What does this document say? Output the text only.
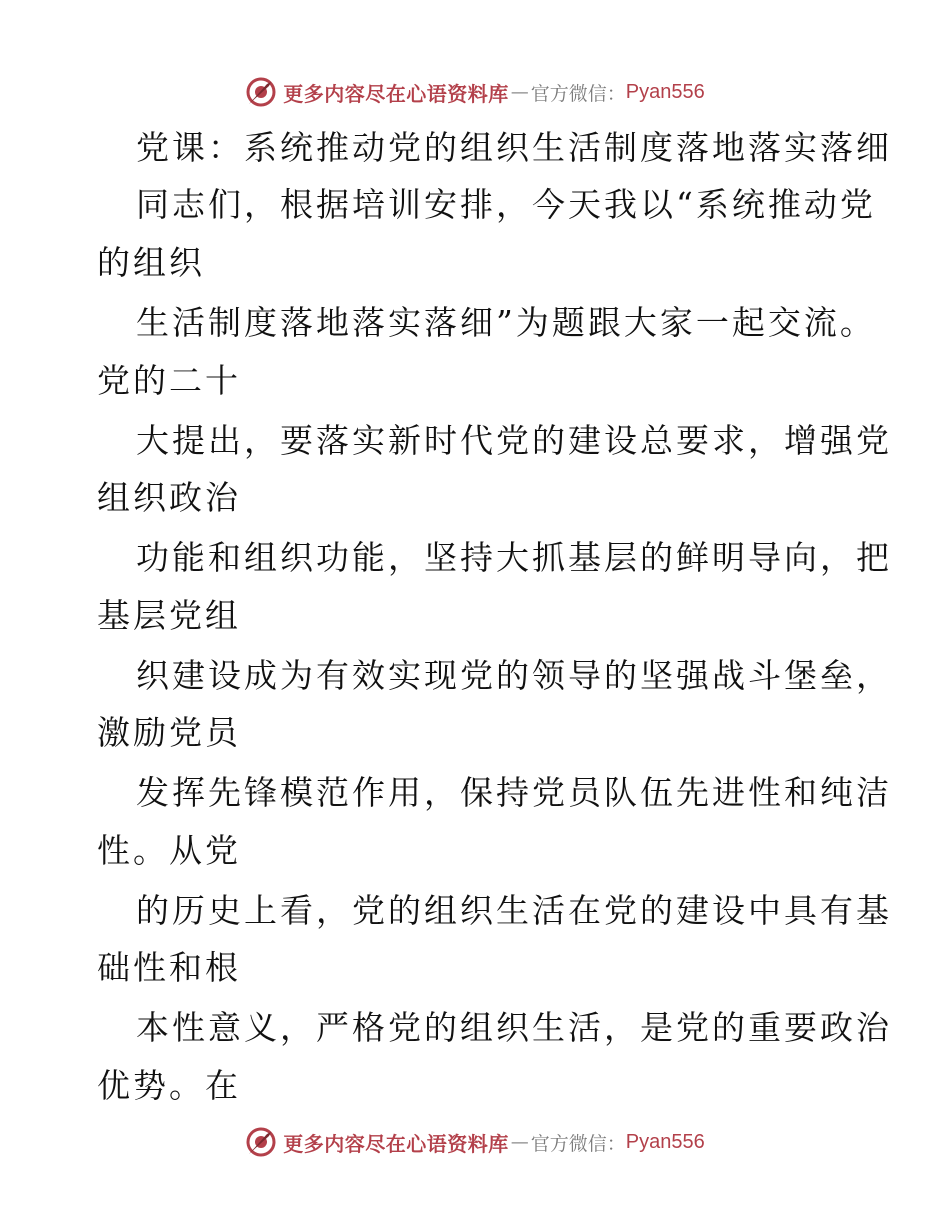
更多内容尽在心语资料库 — 官方微信： Pyan556
党课：系统推动党的组织生活制度落地落实落细
同志们，根据培训安排，今天我以“系统推动党
的组织
生活制度落地落实落细”为题跟大家一起交流。
党的二十
大提出，要落实新时代党的建设总要求，增强党
组织政治
功能和组织功能，坚持大抓基层的鲜明导向，把
基层党组
织建设成为有效实现党的领导的坚强战斗堡垒，
激励党员
发挥先锋模范作用，保持党员队伍先进性和纯洁
性。从党
的历史上看，党的组织生活在党的建设中具有基
础性和根
本性意义，严格党的组织生活，是党的重要政治
优势。在
更多内容尽在心语资料库 — 官方微信： Pyan556
